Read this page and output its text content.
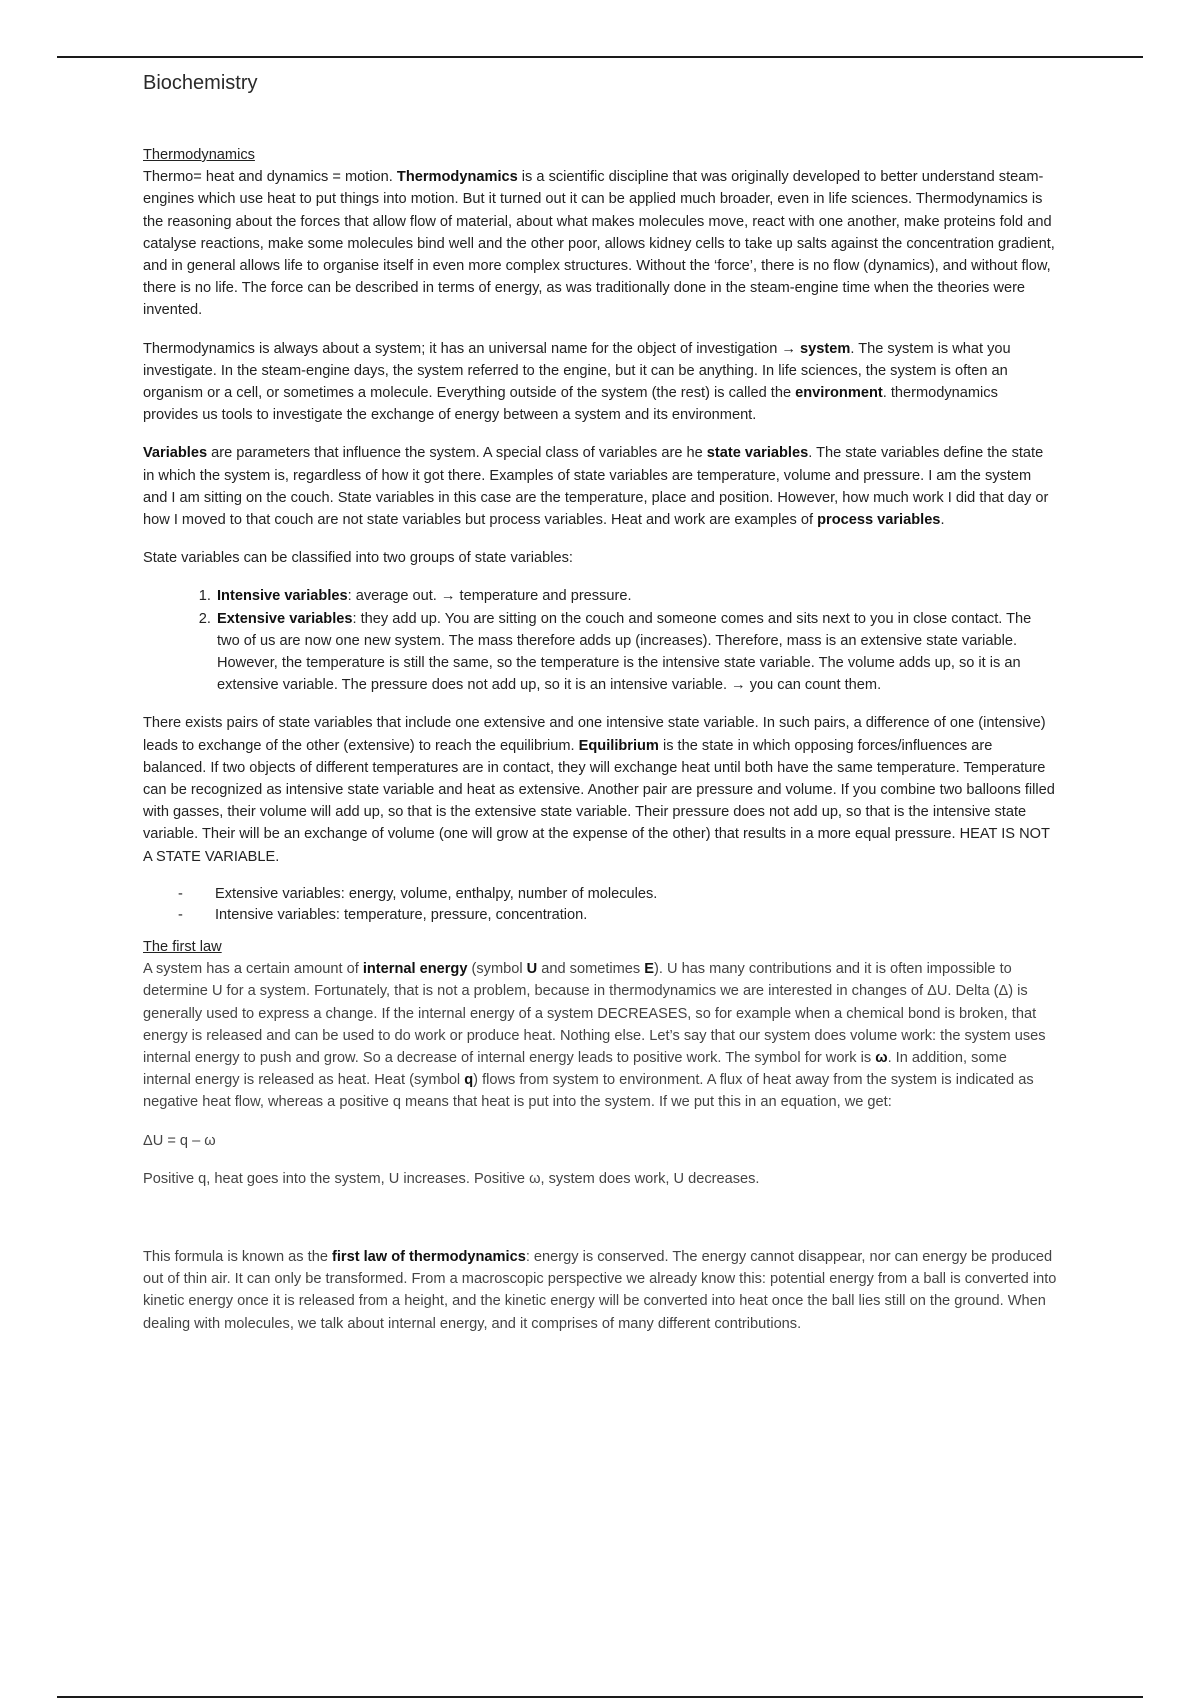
Biochemistry
Thermodynamics

Thermo= heat and dynamics = motion. Thermodynamics is a scientific discipline that was originally developed to better understand steam-engines which use heat to put things into motion. But it turned out it can be applied much broader, even in life sciences. Thermodynamics is the reasoning about the forces that allow flow of material, about what makes molecules move, react with one another, make proteins fold and catalyse reactions, make some molecules bind well and the other poor, allows kidney cells to take up salts against the concentration gradient, and in general allows life to organise itself in even more complex structures. Without the ‘force’, there is no flow (dynamics), and without flow, there is no life. The force can be described in terms of energy, as was traditionally done in the steam-engine time when the theories were invented.

Thermodynamics is always about a system; it has an universal name for the object of investigation → system. The system is what you investigate. In the steam-engine days, the system referred to the engine, but it can be anything. In life sciences, the system is often an organism or a cell, or sometimes a molecule. Everything outside of the system (the rest) is called the environment. thermodynamics provides us tools to investigate the exchange of energy between a system and its environment.

Variables are parameters that influence the system. A special class of variables are he state variables. The state variables define the state in which the system is, regardless of how it got there. Examples of state variables are temperature, volume and pressure. I am the system and I am sitting on the couch. State variables in this case are the temperature, place and position. However, how much work I did that day or how I moved to that couch are not state variables but process variables. Heat and work are examples of process variables.

State variables can be classified into two groups of state variables:

1. Intensive variables: average out. → temperature and pressure.
2. Extensive variables: they add up. You are sitting on the couch and someone comes and sits next to you in close contact. The two of us are now one new system. The mass therefore adds up (increases). Therefore, mass is an extensive state variable. However, the temperature is still the same, so the temperature is the intensive state variable. The volume adds up, so it is an extensive variable. The pressure does not add up, so it is an intensive variable. → you can count them.

There exists pairs of state variables that include one extensive and one intensive state variable. In such pairs, a difference of one (intensive) leads to exchange of the other (extensive) to reach the equilibrium. Equilibrium is the state in which opposing forces/influences are balanced. If two objects of different temperatures are in contact, they will exchange heat until both have the same temperature. Temperature can be recognized as intensive state variable and heat as extensive. Another pair are pressure and volume. If you combine two balloons filled with gasses, their volume will add up, so that is the extensive state variable. Their pressure does not add up, so that is the intensive state variable. Their will be an exchange of volume (one will grow at the expense of the other) that results in a more equal pressure. HEAT IS NOT A STATE VARIABLE.

- Extensive variables: energy, volume, enthalpy, number of molecules.
- Intensive variables: temperature, pressure, concentration.
The first law

A system has a certain amount of internal energy (symbol U and sometimes E). U has many contributions and it is often impossible to determine U for a system. Fortunately, that is not a problem, because in thermodynamics we are interested in changes of ΔU. Delta (Δ) is generally used to express a change. If the internal energy of a system DECREASES, so for example when a chemical bond is broken, that energy is released and can be used to do work or produce heat. Nothing else. Let’s say that our system does volume work: the system uses internal energy to push and grow. So a decrease of internal energy leads to positive work. The symbol for work is ω. In addition, some internal energy is released as heat. Heat (symbol q) flows from system to environment. A flux of heat away from the system is indicated as negative heat flow, whereas a positive q means that heat is put into the system. If we put this in an equation, we get:

ΔU = q – ω

Positive q, heat goes into the system, U increases. Positive ω, system does work, U decreases.

This formula is known as the first law of thermodynamics: energy is conserved. The energy cannot disappear, nor can energy be produced out of thin air. It can only be transformed. From a macroscopic perspective we already know this: potential energy from a ball is converted into kinetic energy once it is released from a height, and the kinetic energy will be converted into heat once the ball lies still on the ground. When dealing with molecules, we talk about internal energy, and it comprises of many different contributions.
